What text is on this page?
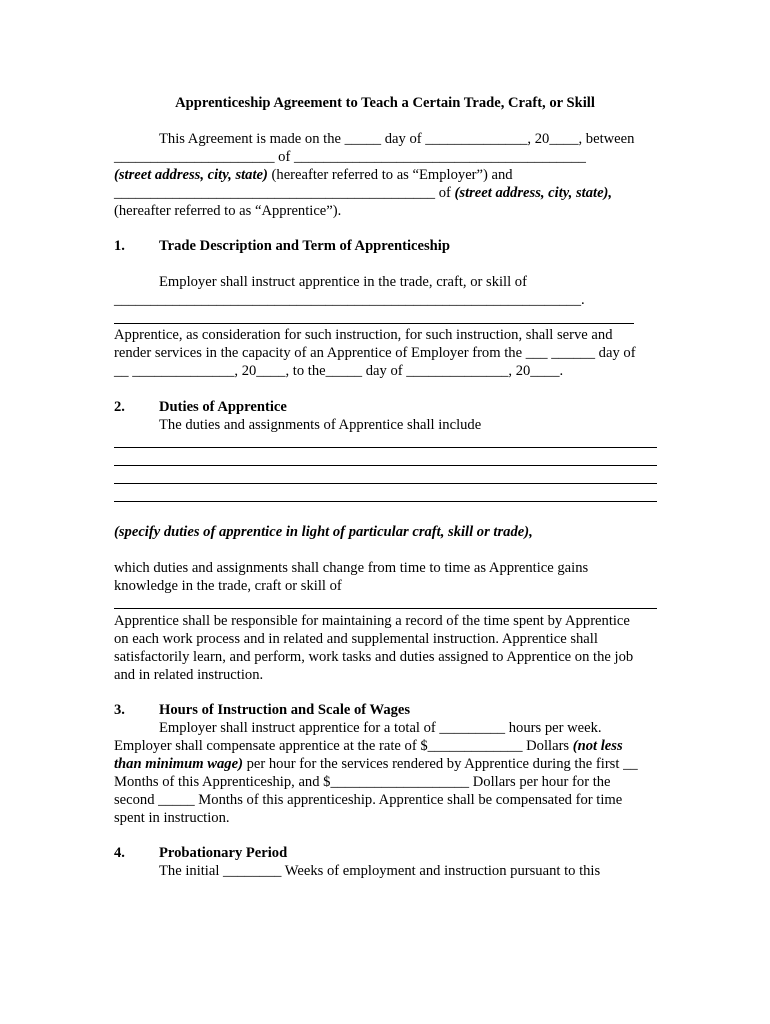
Apprenticeship Agreement to Teach a Certain Trade, Craft, or Skill
This Agreement is made on the _____ day of ______________, 20____, between
______________________ of ________________________________________
(street address, city, state) (hereafter referred to as “Employer”) and
____________________________________________ of (street address, city, state),
(hereafter referred to as “Apprentice”).
1. Trade Description and Term of Apprenticeship
Employer shall instruct apprentice in the trade, craft, or skill of
________________________________________________________________.
Apprentice, as consideration for such instruction, for such instruction, shall serve and
render services in the capacity of an Apprentice of Employer from the ___ ______ day of
__ ______________, 20____, to the_____ day of ______________, 20____.
2. Duties of Apprentice
The duties and assignments of Apprentice shall include
(specify duties of apprentice in light of particular craft, skill or trade),
which duties and assignments shall change from time to time as Apprentice gains
knowledge in the trade, craft or skill of
Apprentice shall be responsible for maintaining a record of the time spent by Apprentice
on each work process and in related and supplemental instruction. Apprentice shall
satisfactorily learn, and perform, work tasks and duties assigned to Apprentice on the job
and in related instruction.
3. Hours of Instruction and Scale of Wages
Employer shall instruct apprentice for a total of _________ hours per week.
Employer shall compensate apprentice at the rate of $_____________ Dollars (not less
than minimum wage) per hour for the services rendered by Apprentice during the first __
Months of this Apprenticeship, and $___________________ Dollars per hour for the
second _____ Months of this apprenticeship. Apprentice shall be compensated for time
spent in instruction.
4. Probationary Period
The initial ________ Weeks of employment and instruction pursuant to this
